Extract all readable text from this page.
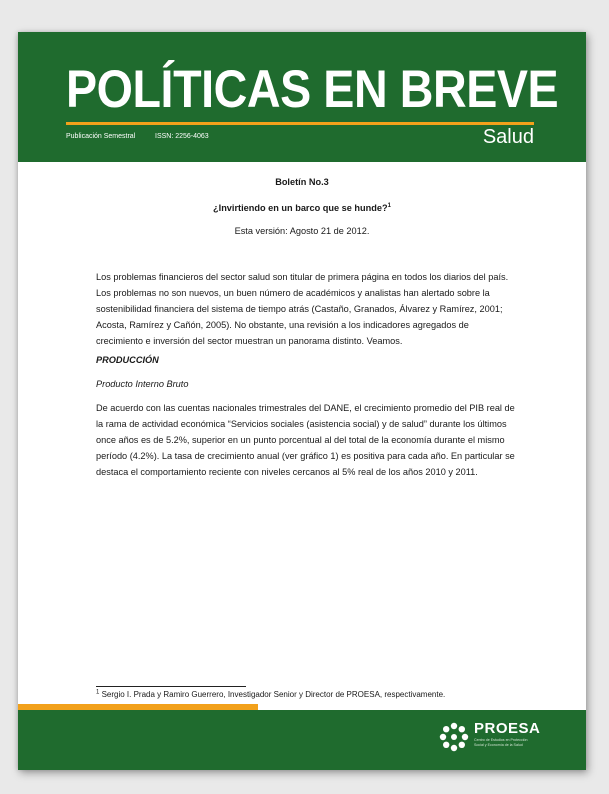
POLÍTICAS EN BREVE
Publicación Semestral	ISSN: 2256-4063	Salud
Boletín No.3
¿Invirtiendo en un barco que se hunde?$^1$
Esta versión: Agosto 21 de 2012.
Los problemas financieros del sector salud son titular de primera página en todos los diarios del país. Los problemas no son nuevos, un buen número de académicos y analistas han alertado sobre la sostenibilidad financiera del sistema de tiempo atrás (Castaño, Granados, Álvarez y Ramírez, 2001; Acosta, Ramírez y Cañón, 2005). No obstante, una revisión a los indicadores agregados de crecimiento e inversión del sector muestran un panorama distinto. Veamos.
PRODUCCIÓN
Producto Interno Bruto
De acuerdo con las cuentas nacionales trimestrales del DANE, el crecimiento promedio del PIB real de la rama de actividad económica “Servicios sociales (asistencia social) y de salud” durante los últimos once años es de 5.2%, superior en un punto porcentual al del total de la economía durante el mismo período (4.2%). La tasa de crecimiento anual (ver gráfico 1) es positiva para cada año. En particular se destaca el comportamiento reciente con niveles cercanos al 5% real de los años 2010 y 2011.
$^1$ Sergio I. Prada y Ramiro Guerrero, Investigador Senior y Director de PROESA, respectivamente.
PROESA
Centro de Estudios en Protección Social y Economía de la Salud
